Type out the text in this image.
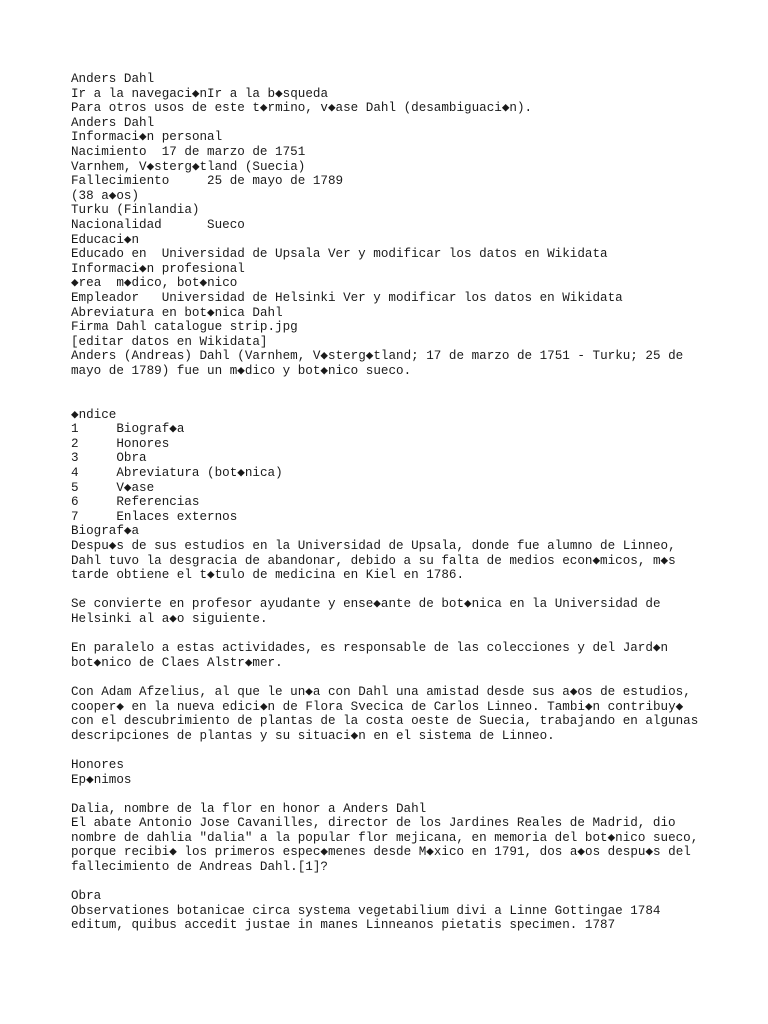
Anders Dahl
Ir a la navegaci◆nIr a la b◆squeda
Para otros usos de este t◆rmino, v◆ase Dahl (desambiguaci◆n).
Anders Dahl
Informaci◆n personal
Nacimiento  17 de marzo de 1751
Varnhem, V◆sterg◆tland (Suecia)
Fallecimiento     25 de mayo de 1789
(38 a◆os)
Turku (Finlandia)
Nacionalidad      Sueco
Educaci◆n
Educado en  Universidad de Upsala Ver y modificar los datos en Wikidata
Informaci◆n profesional
◆rea  m◆dico, bot◆nico
Empleador   Universidad de Helsinki Ver y modificar los datos en Wikidata
Abreviatura en bot◆nica Dahl
Firma Dahl catalogue strip.jpg
[editar datos en Wikidata]
Anders (Andreas) Dahl (Varnhem, V◆sterg◆tland; 17 de marzo de 1751 - Turku; 25 de
mayo de 1789) fue un m◆dico y bot◆nico sueco.
◆ndice
1     Biograf◆a
2     Honores
3     Obra
4     Abreviatura (bot◆nica)
5     V◆ase
6     Referencias
7     Enlaces externos
Biograf◆a
Despu◆s de sus estudios en la Universidad de Upsala, donde fue alumno de Linneo,
Dahl tuvo la desgracia de abandonar, debido a su falta de medios econ◆micos, m◆s
tarde obtiene el t◆tulo de medicina en Kiel en 1786.
Se convierte en profesor ayudante y ense◆ante de bot◆nica en la Universidad de
Helsinki al a◆o siguiente.
En paralelo a estas actividades, es responsable de las colecciones y del Jard◆n
bot◆nico de Claes Alstr◆mer.
Con Adam Afzelius, al que le un◆a con Dahl una amistad desde sus a◆os de estudios,
cooper◆ en la nueva edici◆n de Flora Svecica de Carlos Linneo. Tambi◆n contribuy◆
con el descubrimiento de plantas de la costa oeste de Suecia, trabajando en algunas
descripciones de plantas y su situaci◆n en el sistema de Linneo.
Honores
Ep◆nimos
Dalia, nombre de la flor en honor a Anders Dahl
El abate Antonio Jose Cavanilles, director de los Jardines Reales de Madrid, dio
nombre de dahlia "dalia" a la popular flor mejicana, en memoria del bot◆nico sueco,
porque recibi◆ los primeros espec◆menes desde M◆xico en 1791, dos a◆os despu◆s del
fallecimiento de Andreas Dahl.[1]?
Obra
Observationes botanicae circa systema vegetabilium divi a Linne Gottingae 1784
editum, quibus accedit justae in manes Linneanos pietatis specimen. 1787
